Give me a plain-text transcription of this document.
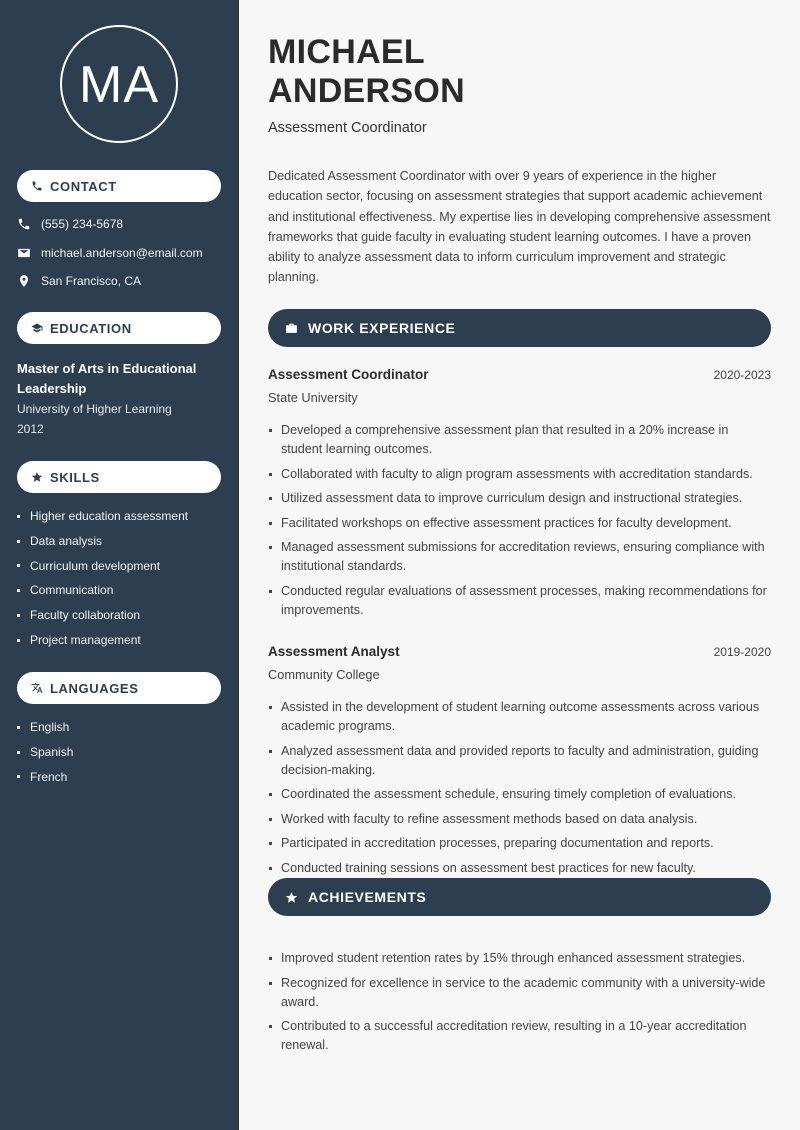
MA
CONTACT
(555) 234-5678
michael.anderson@email.com
San Francisco, CA
EDUCATION
Master of Arts in Educational Leadership
University of Higher Learning
2012
SKILLS
Higher education assessment
Data analysis
Curriculum development
Communication
Faculty collaboration
Project management
LANGUAGES
English
Spanish
French
MICHAEL
ANDERSON
Assessment Coordinator

Dedicated Assessment Coordinator with over 9 years of experience in the higher education sector, focusing on assessment strategies that support academic achievement and institutional effectiveness. My expertise lies in developing comprehensive assessment frameworks that guide faculty in evaluating student learning outcomes. I have a proven ability to analyze assessment data to inform curriculum improvement and strategic planning.

WORK EXPERIENCE
Assessment Coordinator	2020-2023
State University
Developed a comprehensive assessment plan that resulted in a 20% increase in student learning outcomes.
Collaborated with faculty to align program assessments with accreditation standards.
Utilized assessment data to improve curriculum design and instructional strategies.
Facilitated workshops on effective assessment practices for faculty development.
Managed assessment submissions for accreditation reviews, ensuring compliance with institutional standards.
Conducted regular evaluations of assessment processes, making recommendations for improvements.
Assessment Analyst	2019-2020
Community College
Assisted in the development of student learning outcome assessments across various academic programs.
Analyzed assessment data and provided reports to faculty and administration, guiding decision-making.
Coordinated the assessment schedule, ensuring timely completion of evaluations.
Worked with faculty to refine assessment methods based on data analysis.
Participated in accreditation processes, preparing documentation and reports.
Conducted training sessions on assessment best practices for new faculty.
ACHIEVEMENTS
Improved student retention rates by 15% through enhanced assessment strategies.
Recognized for excellence in service to the academic community with a university-wide award.
Contributed to a successful accreditation review, resulting in a 10-year accreditation renewal.
